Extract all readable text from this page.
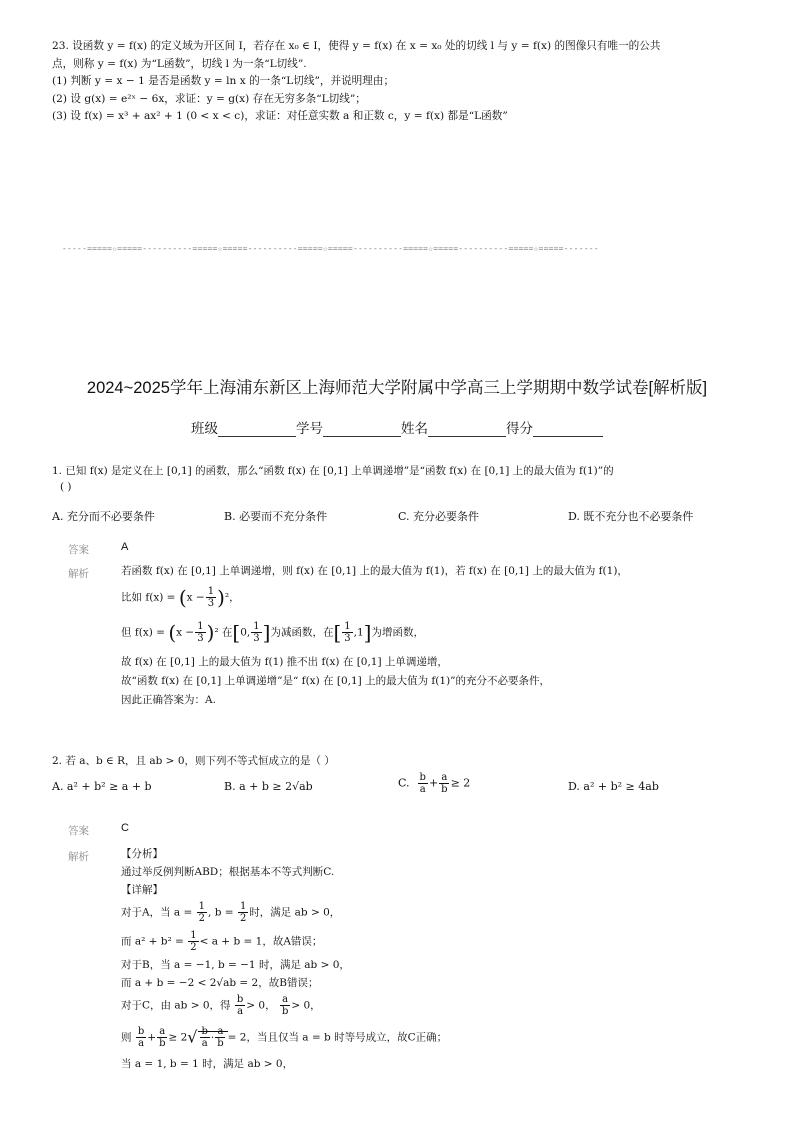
23. 设函数 y = f(x) 的定义域为开区间 I，若存在 x₀ ∈ I，使得 y = f(x) 在 x = x₀ 处的切线 l 与 y = f(x) 的图像只有唯一的公共
点，则称 y = f(x) 为“L函数”，切线 l 为一条“L切线”.
(1) 判断 y = x − 1 是否是函数 y = ln x 的一条“L切线”，并说明理由；
(2) 设 g(x) = e²ˣ − 6x，求证：y = g(x) 存在无穷多条“L切线”；
(3) 设 f(x) = x³ + ax² + 1 (0 < x < c)，求证：对任意实数 a 和正数 c，y = f(x) 都是“L函数”
-----=====☆=====----------=====☆=====----------=====☆=====----------=====☆=====----------=====☆=====-------
2024~2025学年上海浦东新区上海师范大学附属中学高三上学期期中数学试卷[解析版]
班级	学号	姓名	得分
1. 已知 f(x) 是定义在上 [0,1] 的函数，那么“函数 f(x) 在 [0,1] 上单调递增”是“函数 f(x) 在 [0,1] 上的最大值为 f(1)”的
( )
A. 充分而不必要条件	B. 必要而不充分条件	C. 充分必要条件	D. 既不充分也不必要条件
答案	A
解析	若函数 f(x) 在 [0,1] 上单调递增，则 f(x) 在 [0,1] 上的最大值为 f(1)，若 f(x) 在 [0,1] 上的最大值为 f(1)，
比如 $f(x) = (x - \frac{1}{3} )^2$，
但 $f(x) = (x - \frac{1}{3} )^2$ 在[0, $\frac{1}{3}$ ]为减函数，在[ $\frac{1}{3} ,1$]为增函数，
故 f(x) 在 [0,1] 上的最大值为 f(1) 推不出 f(x) 在 [0,1] 上单调递增，
故“函数 f(x) 在 [0,1] 上单调递增”是“ f(x) 在 [0,1] 上的最大值为 f(1)”的充分不必要条件，
因此正确答案为：A.
2. 若 a、b ∈ R，且 ab > 0，则下列不等式恒成立的是（ ）
A. a² + b² ≥ a + b	B. a + b ≥ 2√ab	C. $\frac{b}{a} + \frac{a}{b} \ge 2$	D. a² + b² ≥ 4ab
答案	C
解析	【分析】
通过举反例判断ABD；根据基本不等式判断C.
【详解】
对于A，当 $a = \frac{1}{2}$ , $b = \frac{1}{2}$ 时，满足 ab > 0，
而 $a^2 + b^2 = \frac{1}{2} < a + b = 1$，故A错误；
对于B，当 a = −1, b = −1 时，满足 ab > 0，
而 a + b = −2 < 2√ab = 2，故B错误；
对于C，由 ab > 0，得 $\frac{b}{a} > 0$， $\frac{a}{b} > 0$，
则 $\frac{b}{a} + \frac{a}{b} \ge 2√ \frac{b}{a} \cdot \frac{a}{b} = 2$，当且仅当 a = b 时等号成立，故C正确；
当 a = 1, b = 1 时，满足 ab > 0，
